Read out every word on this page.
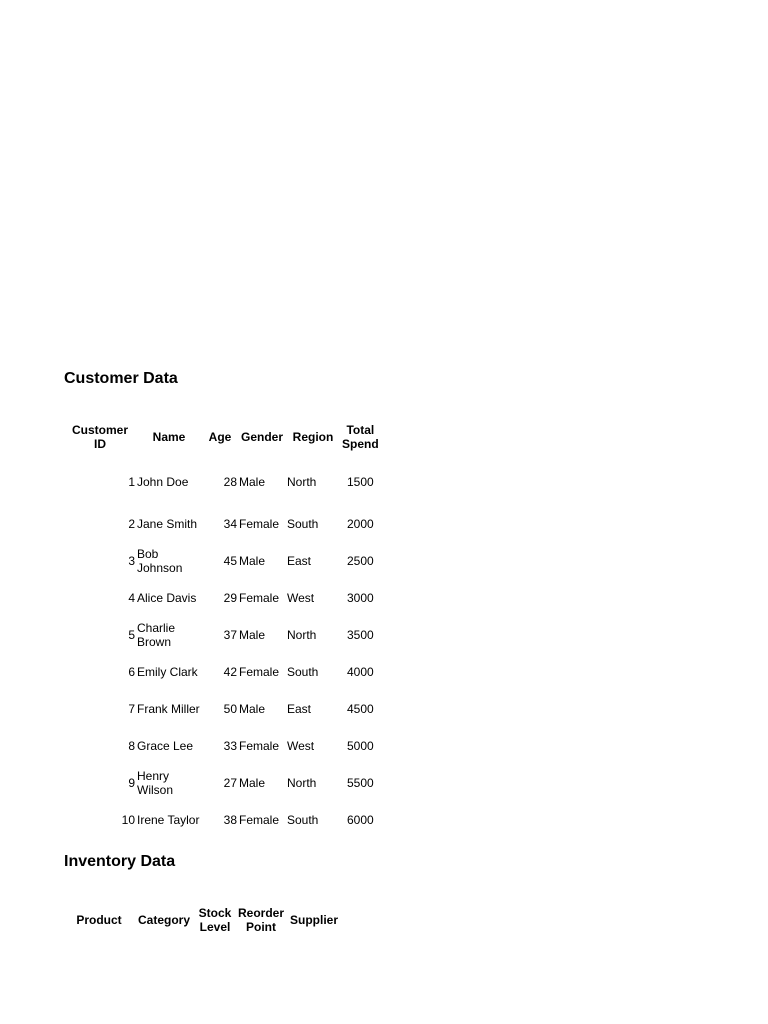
Customer Data
Customer ID	Name	Age	Gender	Region	Total Spend
1	John Doe	28	Male	North	1500
2	Jane Smith	34	Female	South	2000
3	Bob Johnson	45	Male	East	2500
4	Alice Davis	29	Female	West	3000
5	Charlie Brown	37	Male	North	3500
6	Emily Clark	42	Female	South	4000
7	Frank Miller	50	Male	East	4500
8	Grace Lee	33	Female	West	5000
9	Henry Wilson	27	Male	North	5500
10	Irene Taylor	38	Female	South	6000
Inventory Data
Product	Category	Stock Level	Reorder Point	Supplier
